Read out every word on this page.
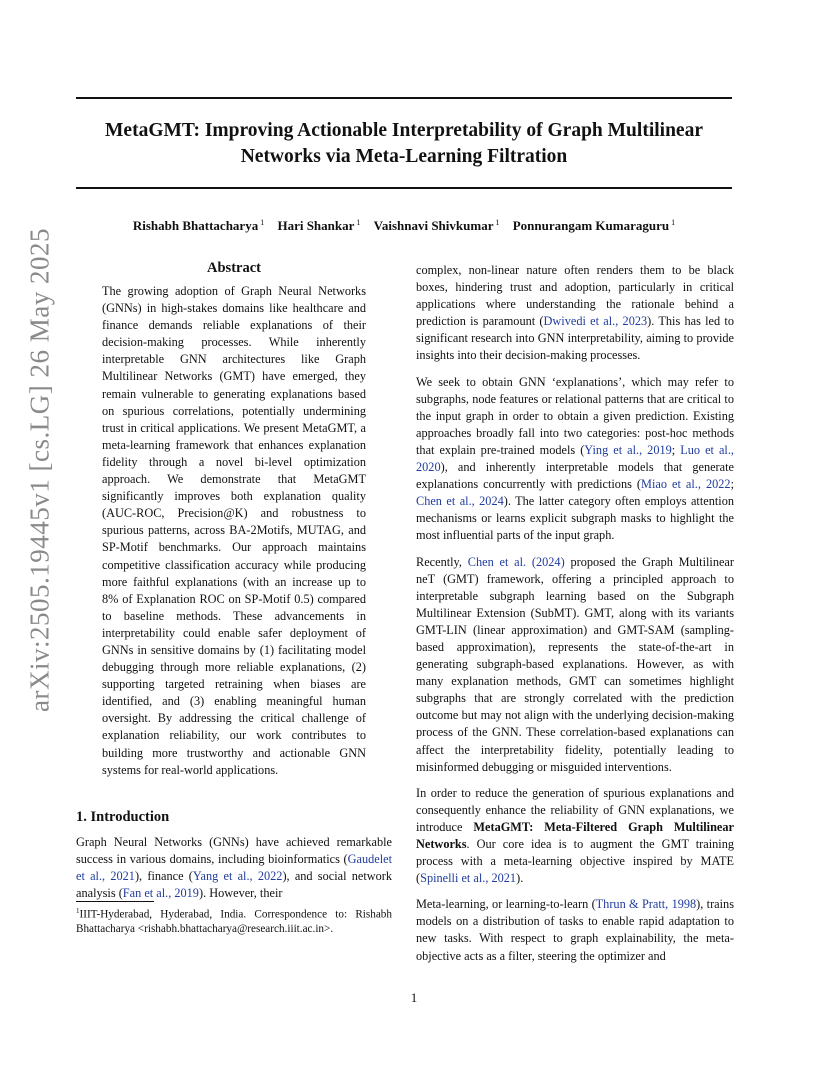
arXiv:2505.19445v1 [cs.LG] 26 May 2025
MetaGMT: Improving Actionable Interpretability of Graph Multilinear
Networks via Meta-Learning Filtration
Rishabh Bhattacharya $^1$ Hari Shankar $^1$ Vaishnavi Shivkumar $^1$ Ponnurangam Kumaraguru $^1$
Abstract

The growing adoption of Graph Neural Networks (GNNs) in high-stakes domains like healthcare and finance demands reliable explanations of their decision-making processes. While inherently interpretable GNN architectures like Graph Multilinear Networks (GMT) have emerged, they remain vulnerable to generating explanations based on spurious correlations, potentially undermining trust in critical applications. We present MetaGMT, a meta-learning framework that enhances explanation fidelity through a novel bi-level optimization approach. We demonstrate that MetaGMT significantly improves both explanation quality (AUC-ROC, Precision@K) and robustness to spurious patterns, across BA-2Motifs, MUTAG, and SP-Motif benchmarks. Our approach maintains competitive classification accuracy while producing more faithful explanations (with an increase up to 8% of Explanation ROC on SP-Motif 0.5) compared to baseline methods. These advancements in interpretability could enable safer deployment of GNNs in sensitive domains by (1) facilitating model debugging through more reliable explanations, (2) supporting targeted retraining when biases are identified, and (3) enabling meaningful human oversight. By addressing the critical challenge of explanation reliability, our work contributes to building more trustworthy and actionable GNN systems for real-world applications.

1. Introduction

Graph Neural Networks (GNNs) have achieved remarkable success in various domains, including bioinformatics (Gaudelet et al., 2021), finance (Yang et al., 2022), and social network analysis (Fan et al., 2019). However, their

$^1$IIIT-Hyderabad, Hyderabad, India. Correspondence to: Rishabh Bhattacharya <rishabh.bhattacharya@research.iiit.ac.in>.

complex, non-linear nature often renders them to be black boxes, hindering trust and adoption, particularly in critical applications where understanding the rationale behind a prediction is paramount (Dwivedi et al., 2023). This has led to significant research into GNN interpretability, aiming to provide insights into their decision-making processes.

We seek to obtain GNN ‘explanations’, which may refer to subgraphs, node features or relational patterns that are critical to the input graph in order to obtain a given prediction. Existing approaches broadly fall into two categories: post-hoc methods that explain pre-trained models (Ying et al., 2019; Luo et al., 2020), and inherently interpretable models that generate explanations concurrently with predictions (Miao et al., 2022; Chen et al., 2024). The latter category often employs attention mechanisms or learns explicit subgraph masks to highlight the most influential parts of the input graph.

Recently, Chen et al. (2024) proposed the Graph Multilinear neT (GMT) framework, offering a principled approach to interpretable subgraph learning based on the Subgraph Multilinear Extension (SubMT). GMT, along with its variants GMT-LIN (linear approximation) and GMT-SAM (sampling-based approximation), represents the state-of-the-art in generating subgraph-based explanations. However, as with many explanation methods, GMT can sometimes highlight subgraphs that are strongly correlated with the prediction outcome but may not align with the underlying decision-making process of the GNN. These correlation-based explanations can affect the interpretability fidelity, potentially leading to misinformed debugging or misguided interventions.

In order to reduce the generation of spurious explanations and consequently enhance the reliability of GNN explanations, we introduce MetaGMT: Meta-Filtered Graph Multilinear Networks. Our core idea is to augment the GMT training process with a meta-learning objective inspired by MATE (Spinelli et al., 2021).

Meta-learning, or learning-to-learn (Thrun & Pratt, 1998), trains models on a distribution of tasks to enable rapid adaptation to new tasks. With respect to graph explainability, the meta-objective acts as a filter, steering the optimizer and

1
